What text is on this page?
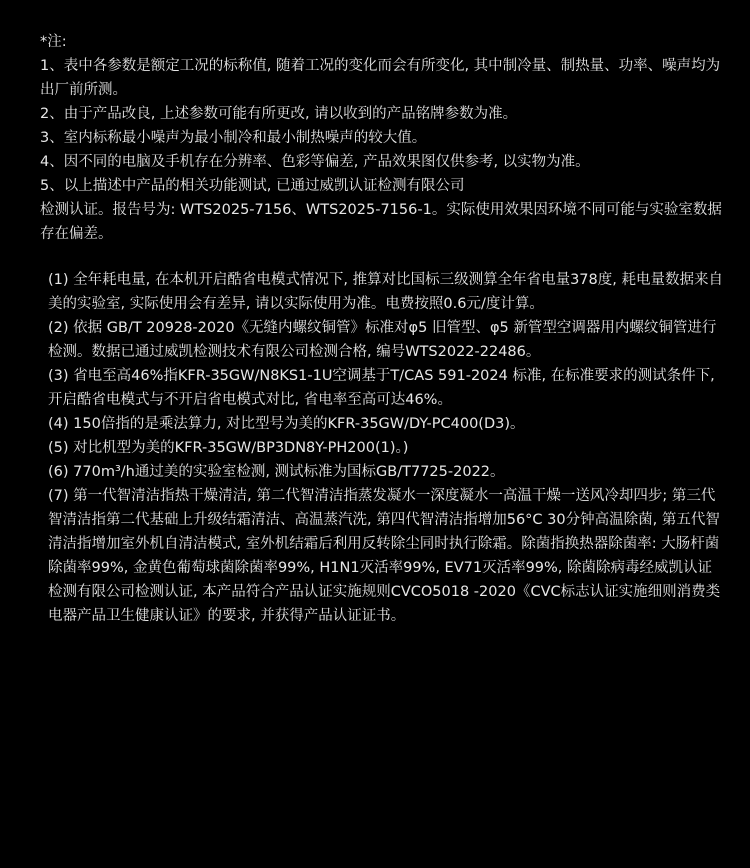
*注:

1、表中各参数是额定工况的标称值, 随着工况的变化而会有所变化, 其中制冷量、制热量、功率、噪声均为出厂前所测。

2、由于产品改良, 上述参数可能有所更改, 请以收到的产品铭牌参数为准。

3、室内标称最小噪声为最小制冷和最小制热噪声的较大值。

4、因不同的电脑及手机存在分辨率、色彩等偏差, 产品效果图仅供参考, 以实物为准。

5、以上描述中产品的相关功能测试, 已通过威凯认证检测有限公司

检测认证。报告号为: WTS2025-7156、WTS2025-7156-1。实际使用效果因环境不同可能与实验室数据存在偏差。

(1) 全年耗电量, 在本机开启酷省电模式情况下, 推算对比国标三级测算全年省电量378度, 耗电量数据来自美的实验室, 实际使用会有差异, 请以实际使用为准。电费按照0.6元/度计算。

(2) 依据 GB/T 20928-2020《无缝内螺纹铜管》标准对φ5 旧管型、φ5 新管型空调器用内螺纹铜管进行检测。数据已通过威凯检测技术有限公司检测合格, 编号WTS2022-22486。

(3) 省电至高46%指KFR-35GW/N8KS1-1U空调基于T/CAS 591-2024 标准, 在标准要求的测试条件下, 开启酷省电模式与不开启省电模式对比, 省电率至高可达46%。

(4) 150倍指的是乘法算力, 对比型号为美的KFR-35GW/DY-PC400(D3)。

(5) 对比机型为美的KFR-35GW/BP3DN8Y-PH200(1)。)

(6) 770m³/h通过美的实验室检测, 测试标准为国标GB/T7725-2022。

(7) 第一代智清洁指热干燥清洁, 第二代智清洁指蒸发凝水一深度凝水一高温干燥一送风冷却四步; 第三代智清洁指第二代基础上升级结霜清洁、高温蒸汽洗, 第四代智清洁指增加56°C 30分钟高温除菌, 第五代智清洁指增加室外机自清洁模式, 室外机结霜后利用反转除尘同时执行除霜。除菌指换热器除菌率: 大肠杆菌除菌率99%, 金黄色葡萄球菌除菌率99%, H1N1灭活率99%, EV71灭活率99%, 除菌除病毒经威凯认证检测有限公司检测认证, 本产品符合产品认证实施规则CVCO5018 -2020《CVC标志认证实施细则消费类电器产品卫生健康认证》的要求, 并获得产品认证证书。
